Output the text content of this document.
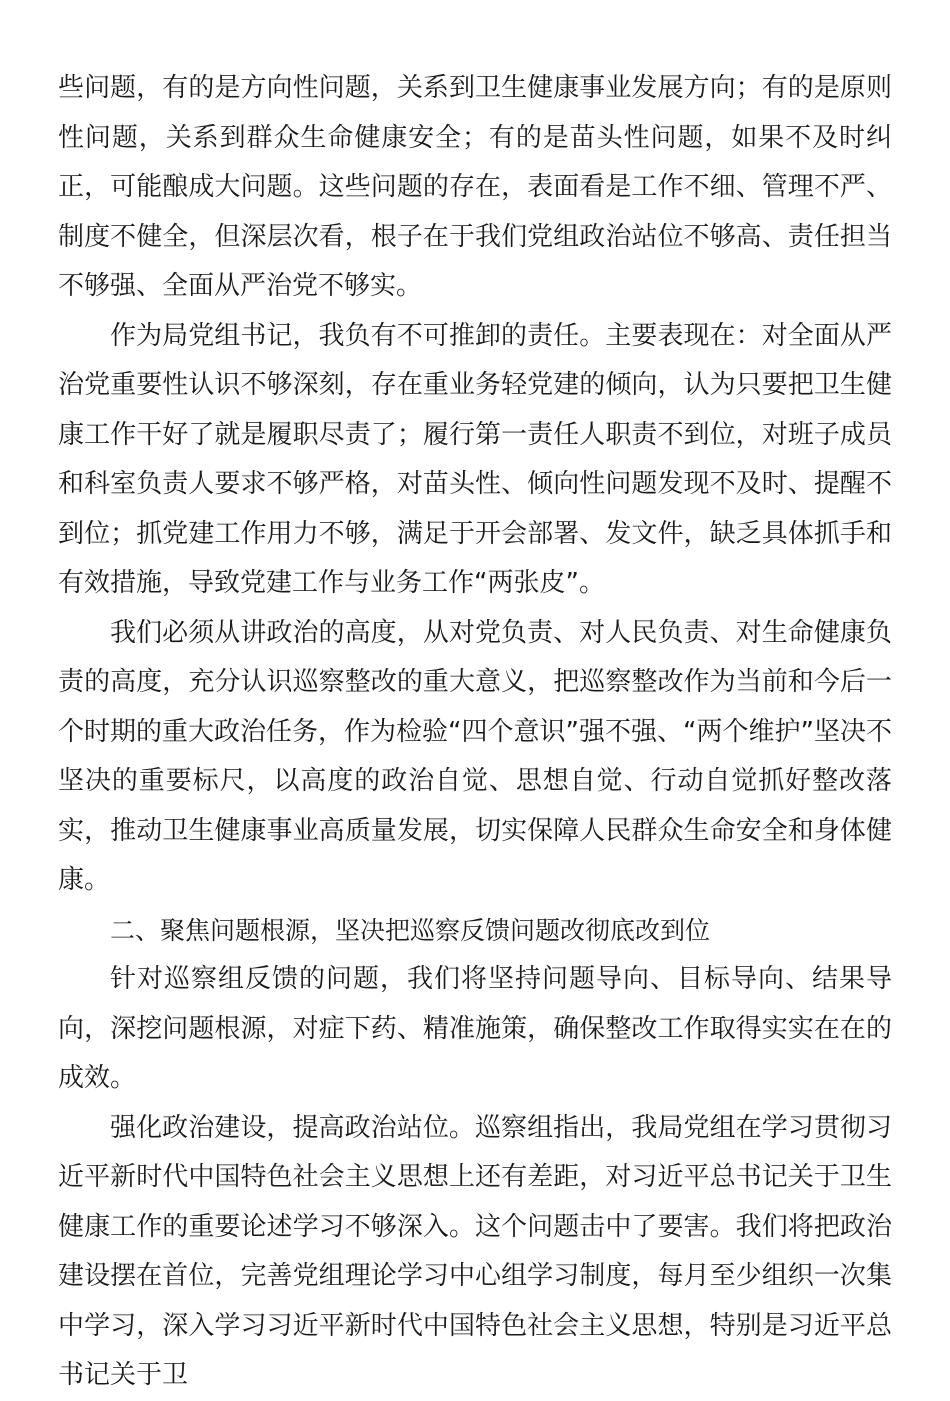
些问题，有的是方向性问题，关系到卫生健康事业发展方向；有的是原则性问题，关系到群众生命健康安全；有的是苗头性问题，如果不及时纠正，可能酿成大问题。这些问题的存在，表面看是工作不细、管理不严、制度不健全，但深层次看，根子在于我们党组政治站位不够高、责任担当不够强、全面从严治党不够实。

作为局党组书记，我负有不可推卸的责任。主要表现在：对全面从严治党重要性认识不够深刻，存在重业务轻党建的倾向，认为只要把卫生健康工作干好了就是履职尽责了；履行第一责任人职责不到位，对班子成员和科室负责人要求不够严格，对苗头性、倾向性问题发现不及时、提醒不到位；抓党建工作用力不够，满足于开会部署、发文件，缺乏具体抓手和有效措施，导致党建工作与业务工作“两张皮”。

我们必须从讲政治的高度，从对党负责、对人民负责、对生命健康负责的高度，充分认识巡察整改的重大意义，把巡察整改作为当前和今后一个时期的重大政治任务，作为检验“四个意识”强不强、“两个维护”坚决不坚决的重要标尺，以高度的政治自觉、思想自觉、行动自觉抓好整改落实，推动卫生健康事业高质量发展，切实保障人民群众生命安全和身体健康。

二、聚焦问题根源，坚决把巡察反馈问题改彻底改到位

针对巡察组反馈的问题，我们将坚持问题导向、目标导向、结果导向，深挖问题根源，对症下药、精准施策，确保整改工作取得实实在在的成效。

强化政治建设，提高政治站位。巡察组指出，我局党组在学习贯彻习近平新时代中国特色社会主义思想上还有差距，对习近平总书记关于卫生健康工作的重要论述学习不够深入。这个问题击中了要害。我们将把政治建设摆在首位，完善党组理论学习中心组学习制度，每月至少组织一次集中学习，深入学习习近平新时代中国特色社会主义思想，特别是习近平总书记关于卫
